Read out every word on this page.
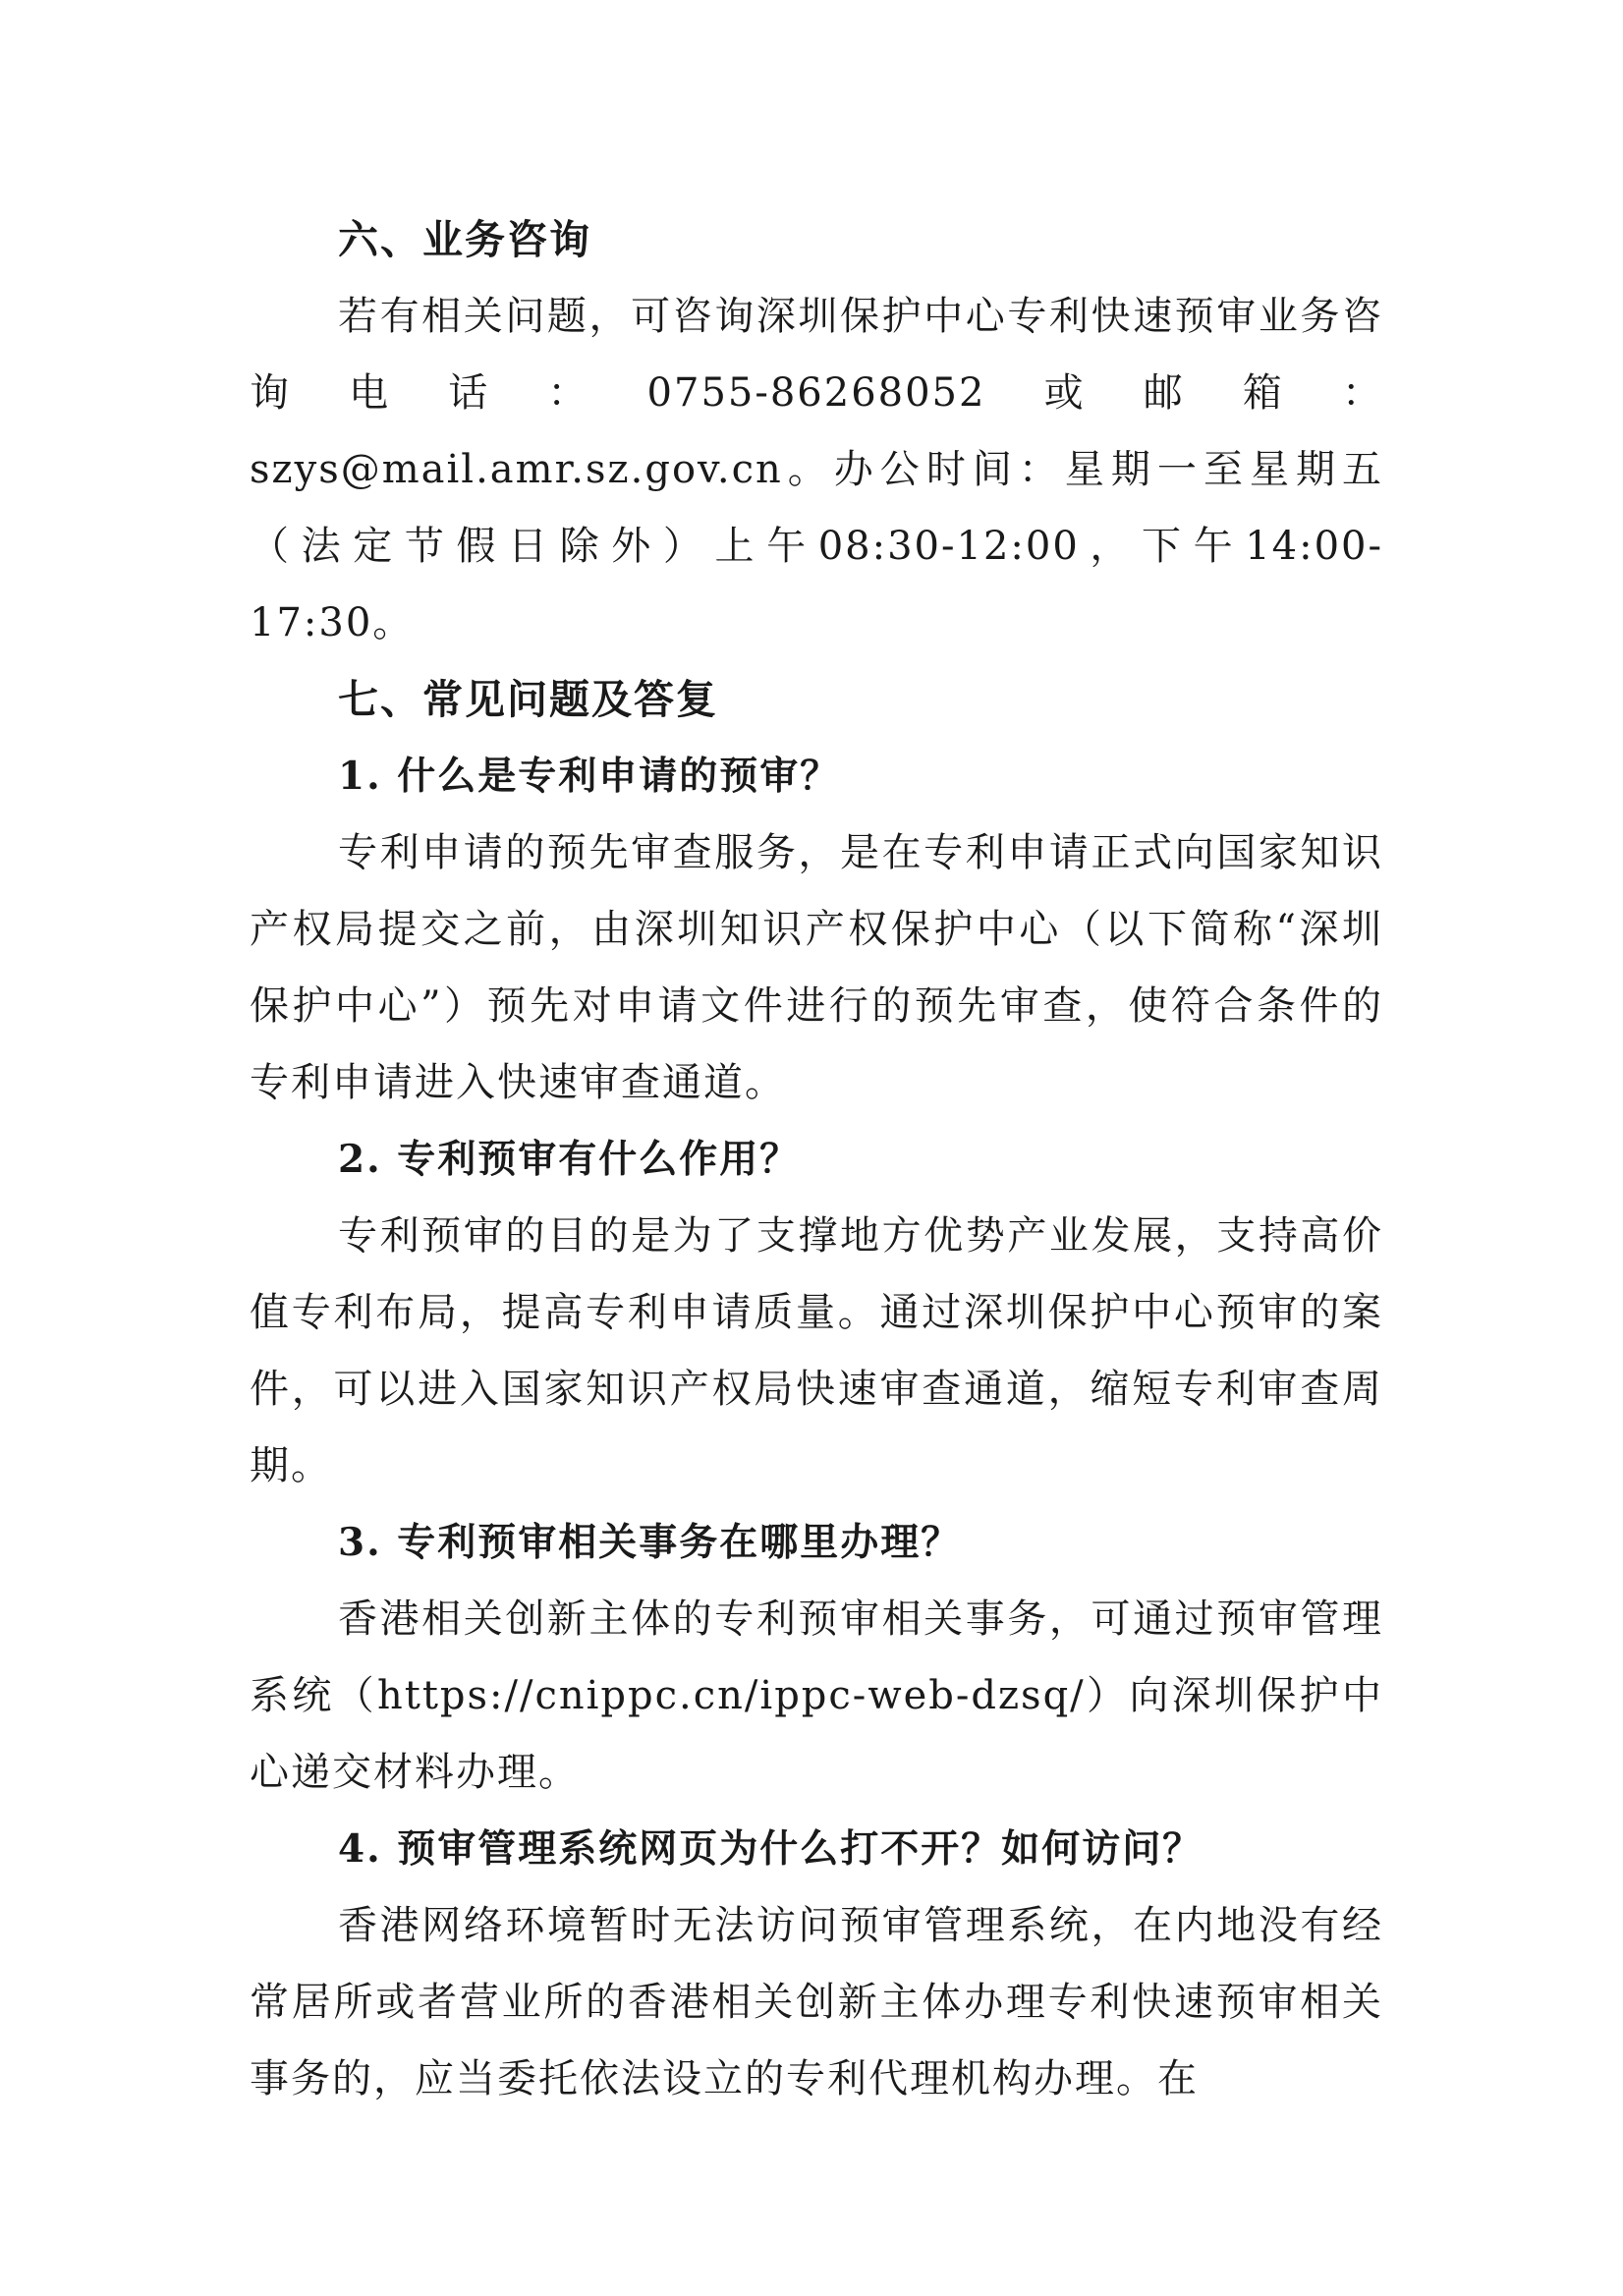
六、业务咨询

若有相关问题，可咨询深圳保护中心专利快速预审业务咨询电话：0755-86268052或邮箱：szys@mail.amr.sz.gov.cn。办公时间：星期一至星期五（法定节假日除外）上午08:30-12:00，下午14:00-17:30。

七、常见问题及答复
1. 什么是专利申请的预审？

专利申请的预先审查服务，是在专利申请正式向国家知识产权局提交之前，由深圳知识产权保护中心（以下简称“深圳保护中心”）预先对申请文件进行的预先审查，使符合条件的专利申请进入快速审查通道。

2. 专利预审有什么作用？

专利预审的目的是为了支撑地方优势产业发展，支持高价值专利布局，提高专利申请质量。通过深圳保护中心预审的案件，可以进入国家知识产权局快速审查通道，缩短专利审查周期。

3. 专利预审相关事务在哪里办理？

香港相关创新主体的专利预审相关事务，可通过预审管理系统（https://cnippc.cn/ippc-web-dzsq/）向深圳保护中心递交材料办理。

4. 预审管理系统网页为什么打不开？如何访问？

香港网络环境暂时无法访问预审管理系统，在内地没有经常居所或者营业所的香港相关创新主体办理专利快速预审相关事务的，应当委托依法设立的专利代理机构办理。在
